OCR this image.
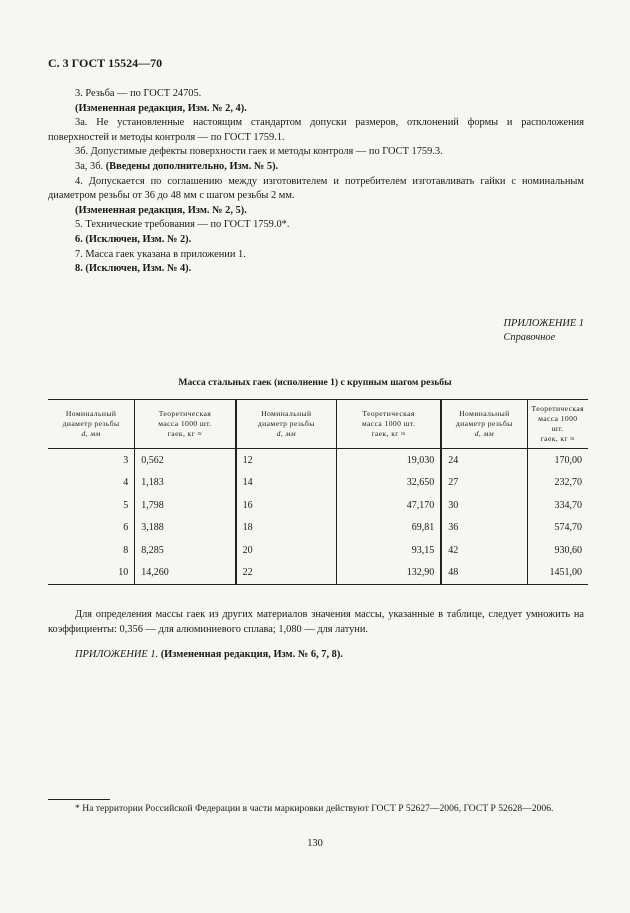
С. 3 ГОСТ 15524—70

3. Резьба — по ГОСТ 24705.

(Измененная редакция, Изм. № 2, 4).

3а. Не установленные настоящим стандартом допуски размеров, отклонений формы и расположения поверхностей и методы контроля — по ГОСТ 1759.1.

3б. Допустимые дефекты поверхности гаек и методы контроля — по ГОСТ 1759.3.

3а, 3б. (Введены дополнительно, Изм. № 5).

4. Допускается по соглашению между изготовителем и потребителем изготавливать гайки с номинальным диаметром резьбы от 36 до 48 мм с шагом резьбы 2 мм.

(Измененная редакция, Изм. № 2, 5).

5. Технические требования — по ГОСТ 1759.0*.

6. (Исключен, Изм. № 2).

7. Масса гаек указана в приложении 1.

8. (Исключен, Изм. № 4).

ПРИЛОЖЕНИЕ 1
Справочное
Масса стальных гаек (исполнение 1) с крупным шагом резьбы
Номинальный
диаметр резьбы
d, мм	Теоретическая
масса 1000 шт.
гаек, кг ≈	Номинальный
диаметр резьбы
d, мм	Теоретическая
масса 1000 шт.
гаек, кг ≈	Номинальный
диаметр резьбы
d, мм	Теоретическая
масса 1000 шт.
гаек, кг ≈
3	0,562	12	19,030	24	170,00
4	1,183	14	32,650	27	232,70
5	1,798	16	47,170	30	334,70
6	3,188	18	69,81	36	574,70
8	8,285	20	93,15	42	930,60
10	14,260	22	132,90	48	1451,00

Для определения массы гаек из других материалов значения массы, указанные в таблице, следует умножить на коэффициенты: 0,356 — для алюминиевого сплава; 1,080 — для латуни.

ПРИЛОЖЕНИЕ 1. (Измененная редакция, Изм. № 6, 7, 8).

* На территории Российской Федерации в части маркировки действуют ГОСТ Р 52627—2006, ГОСТ Р 52628—2006.

130
